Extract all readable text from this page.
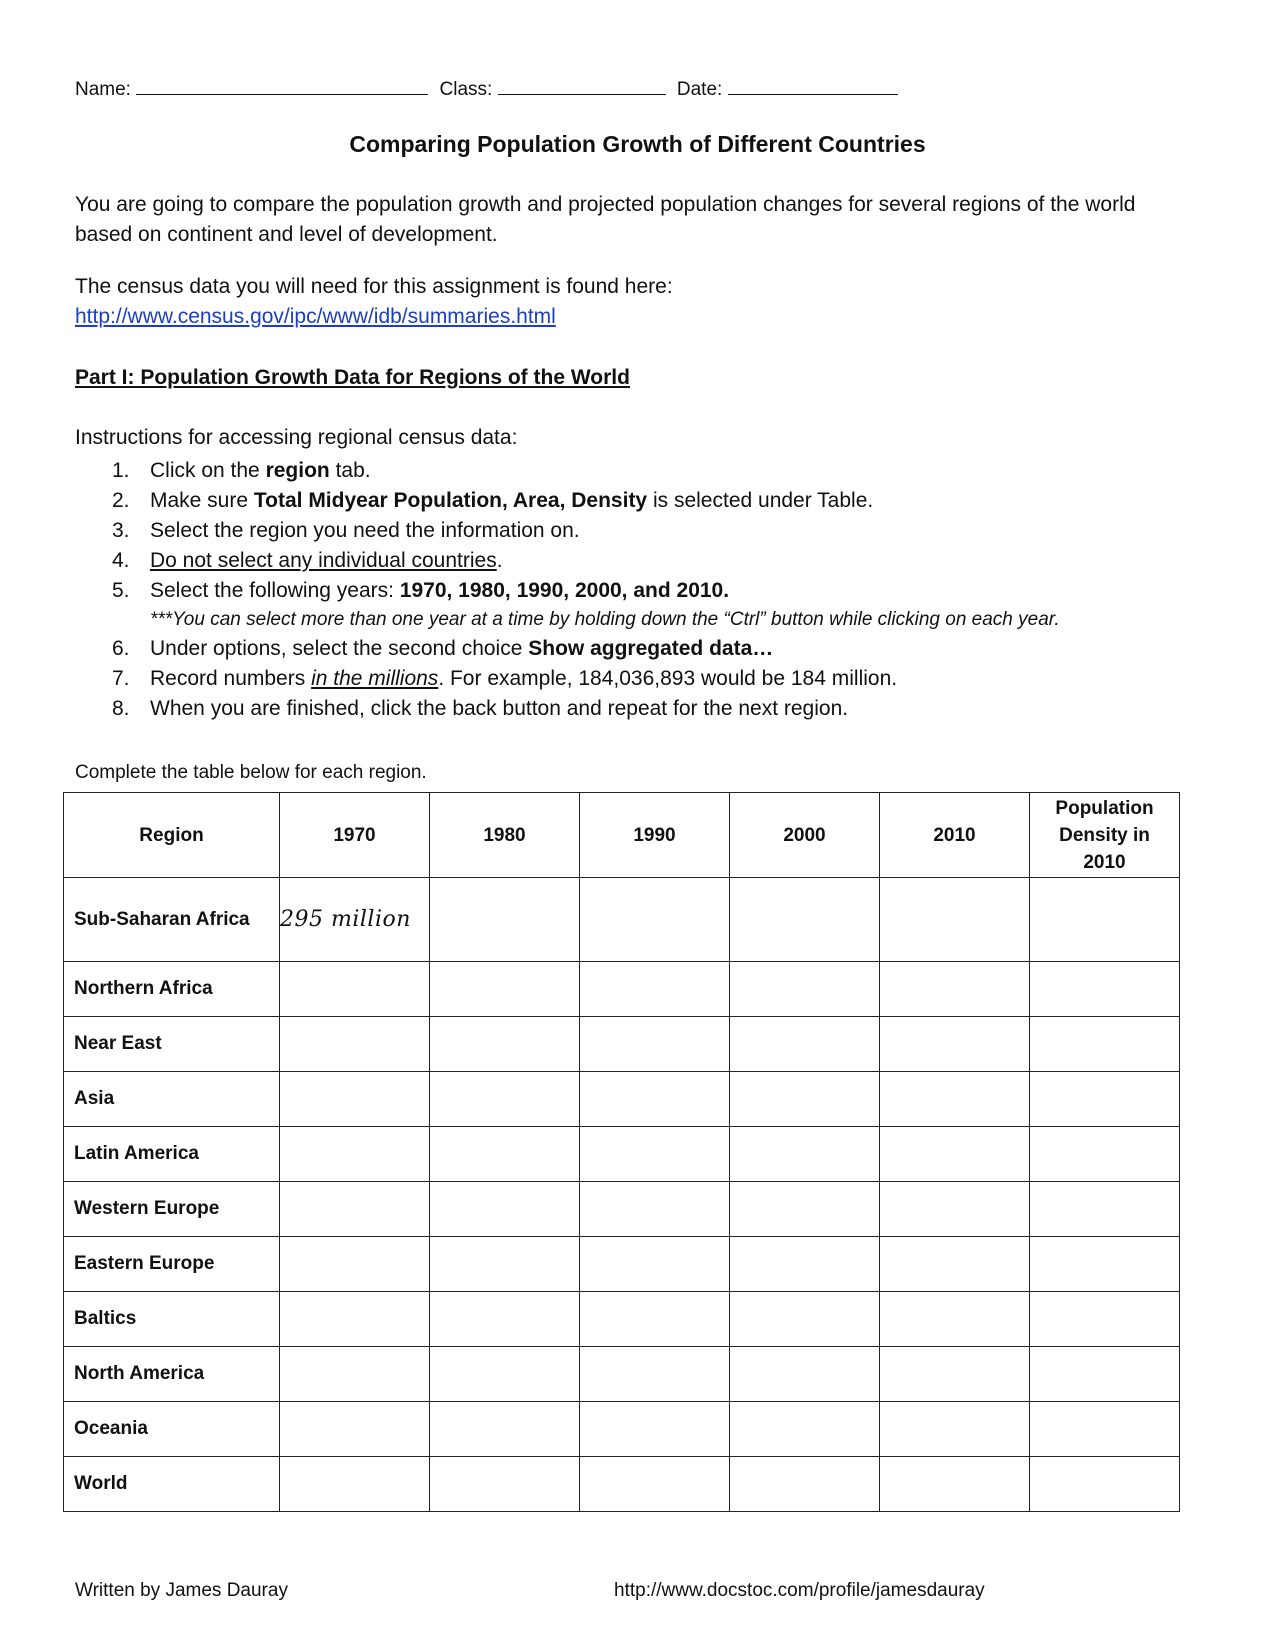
Name:	Class:	Date:
Comparing Population Growth of Different Countries
You are going to compare the population growth and projected population changes for several regions of the world based on continent and level of development.
The census data you will need for this assignment is found here:
http://www.census.gov/ipc/www/idb/summaries.html
Part I: Population Growth Data for Regions of the World
Instructions for accessing regional census data:
1. Click on the region tab.
2. Make sure Total Midyear Population, Area, Density is selected under Table.
3. Select the region you need the information on.
4. Do not select any individual countries.
5. Select the following years: 1970, 1980, 1990, 2000, and 2010.
***You can select more than one year at a time by holding down the “Ctrl” button while clicking on each year.
6. Under options, select the second choice Show aggregated data…
7. Record numbers in the millions. For example, 184,036,893 would be 184 million.
8. When you are finished, click the back button and repeat for the next region.
Complete the table below for each region.
Region	1970	1980	1990	2000	2010	Population Density in 2010
Sub-Saharan Africa	295 million					
Northern Africa						
Near East						
Asia						
Latin America						
Western Europe						
Eastern Europe						
Baltics						
North America						
Oceania						
World						
Written by James Dauray	http://www.docstoc.com/profile/jamesdauray
